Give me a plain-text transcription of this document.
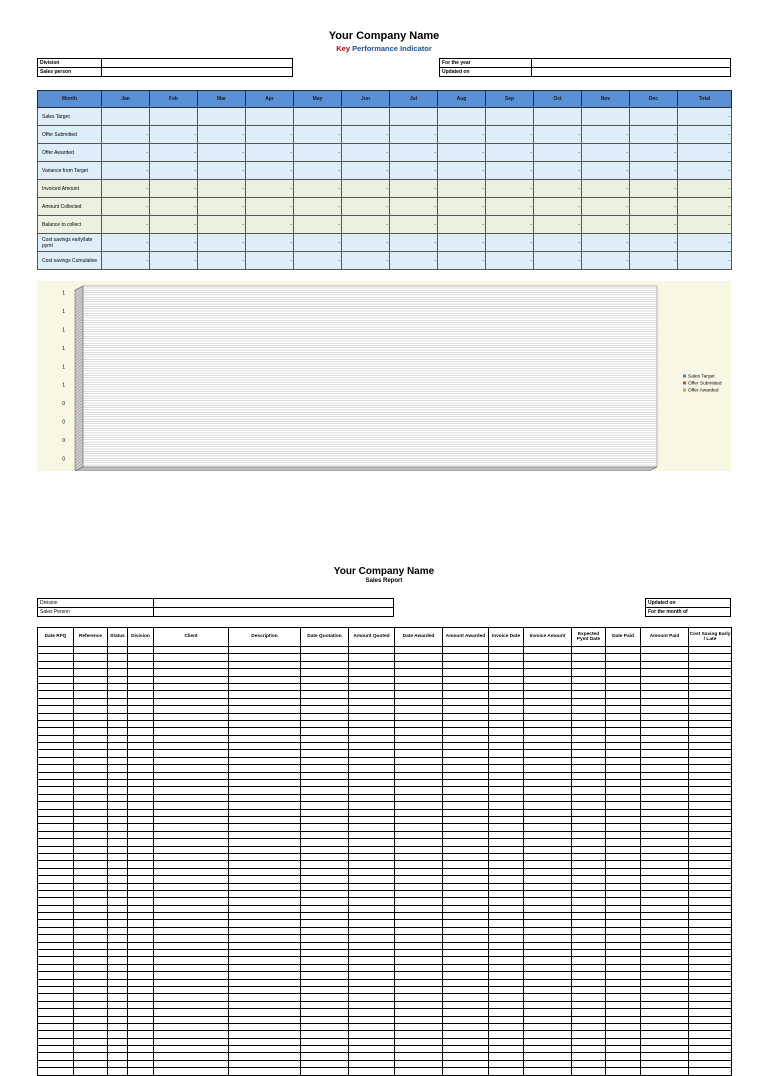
Your Company Name
Key Performance Indicator
Division	
Sales person	
For the year	
Updated on	
Month	Jan	Feb	Mar	Apr	May	Jun	Jul	Aug	Sep	Oct	Nov	Dec	Total
Sales Target													-
Offer Submitted	-	-	-	-	-	-	-	-	-	-	-	-	-
Offer Awarded	-	-	-	-	-	-	-	-	-	-	-	-	-
Variance from Target	-	-	-	-	-	-	-	-	-	-	-	-	-
Invoiced Amount	-	-	-	-	-	-	-	-	-	-	-	-	-
Amount Collected	-	-	-	-	-	-	-	-	-	-	-	-	-
Balance to collect	-	-	-	-	-	-	-	-	-	-	-	-	-
Cost savings early/late pymt	-	-	-	-	-	-	-	-	-	-	-	-	-
Cost savings Cumulative	-	-	-	-	-	-	-	-	-	-	-	-	-
1
1
1
1
1
1
0
0
0
0
Sales Target
Offer Submitted
Offer Awarded
Your Company Name
Sales Report
Division	
Sales Person	
Updated on
For the month of
Date RFQ	Reference	Status	Division	Client	Description	Date Quotation	Amount Quoted	Date Awarded	Amount Awarded	Invoice Date	Invoice Amount	Expected Pymt Date	Date Paid	Amount Paid	Cost Saving Early / Late
															-
															-
															-
															-
															-
															-
															-
															-
															-
															-
															-
															-
															-
															-
															-
															-
															-
															-
															-
															-
															-
															-
															-
															-
															-
															-
															-
															-
															-
															-
															-
															-
															-
															-
															-
															-
															-
															-
															-
															-
															-
															-
															-
															-
															-
															-
															-
															-
															-
															-
															-
															-
															-
															-
															-
															-
															-
															-
